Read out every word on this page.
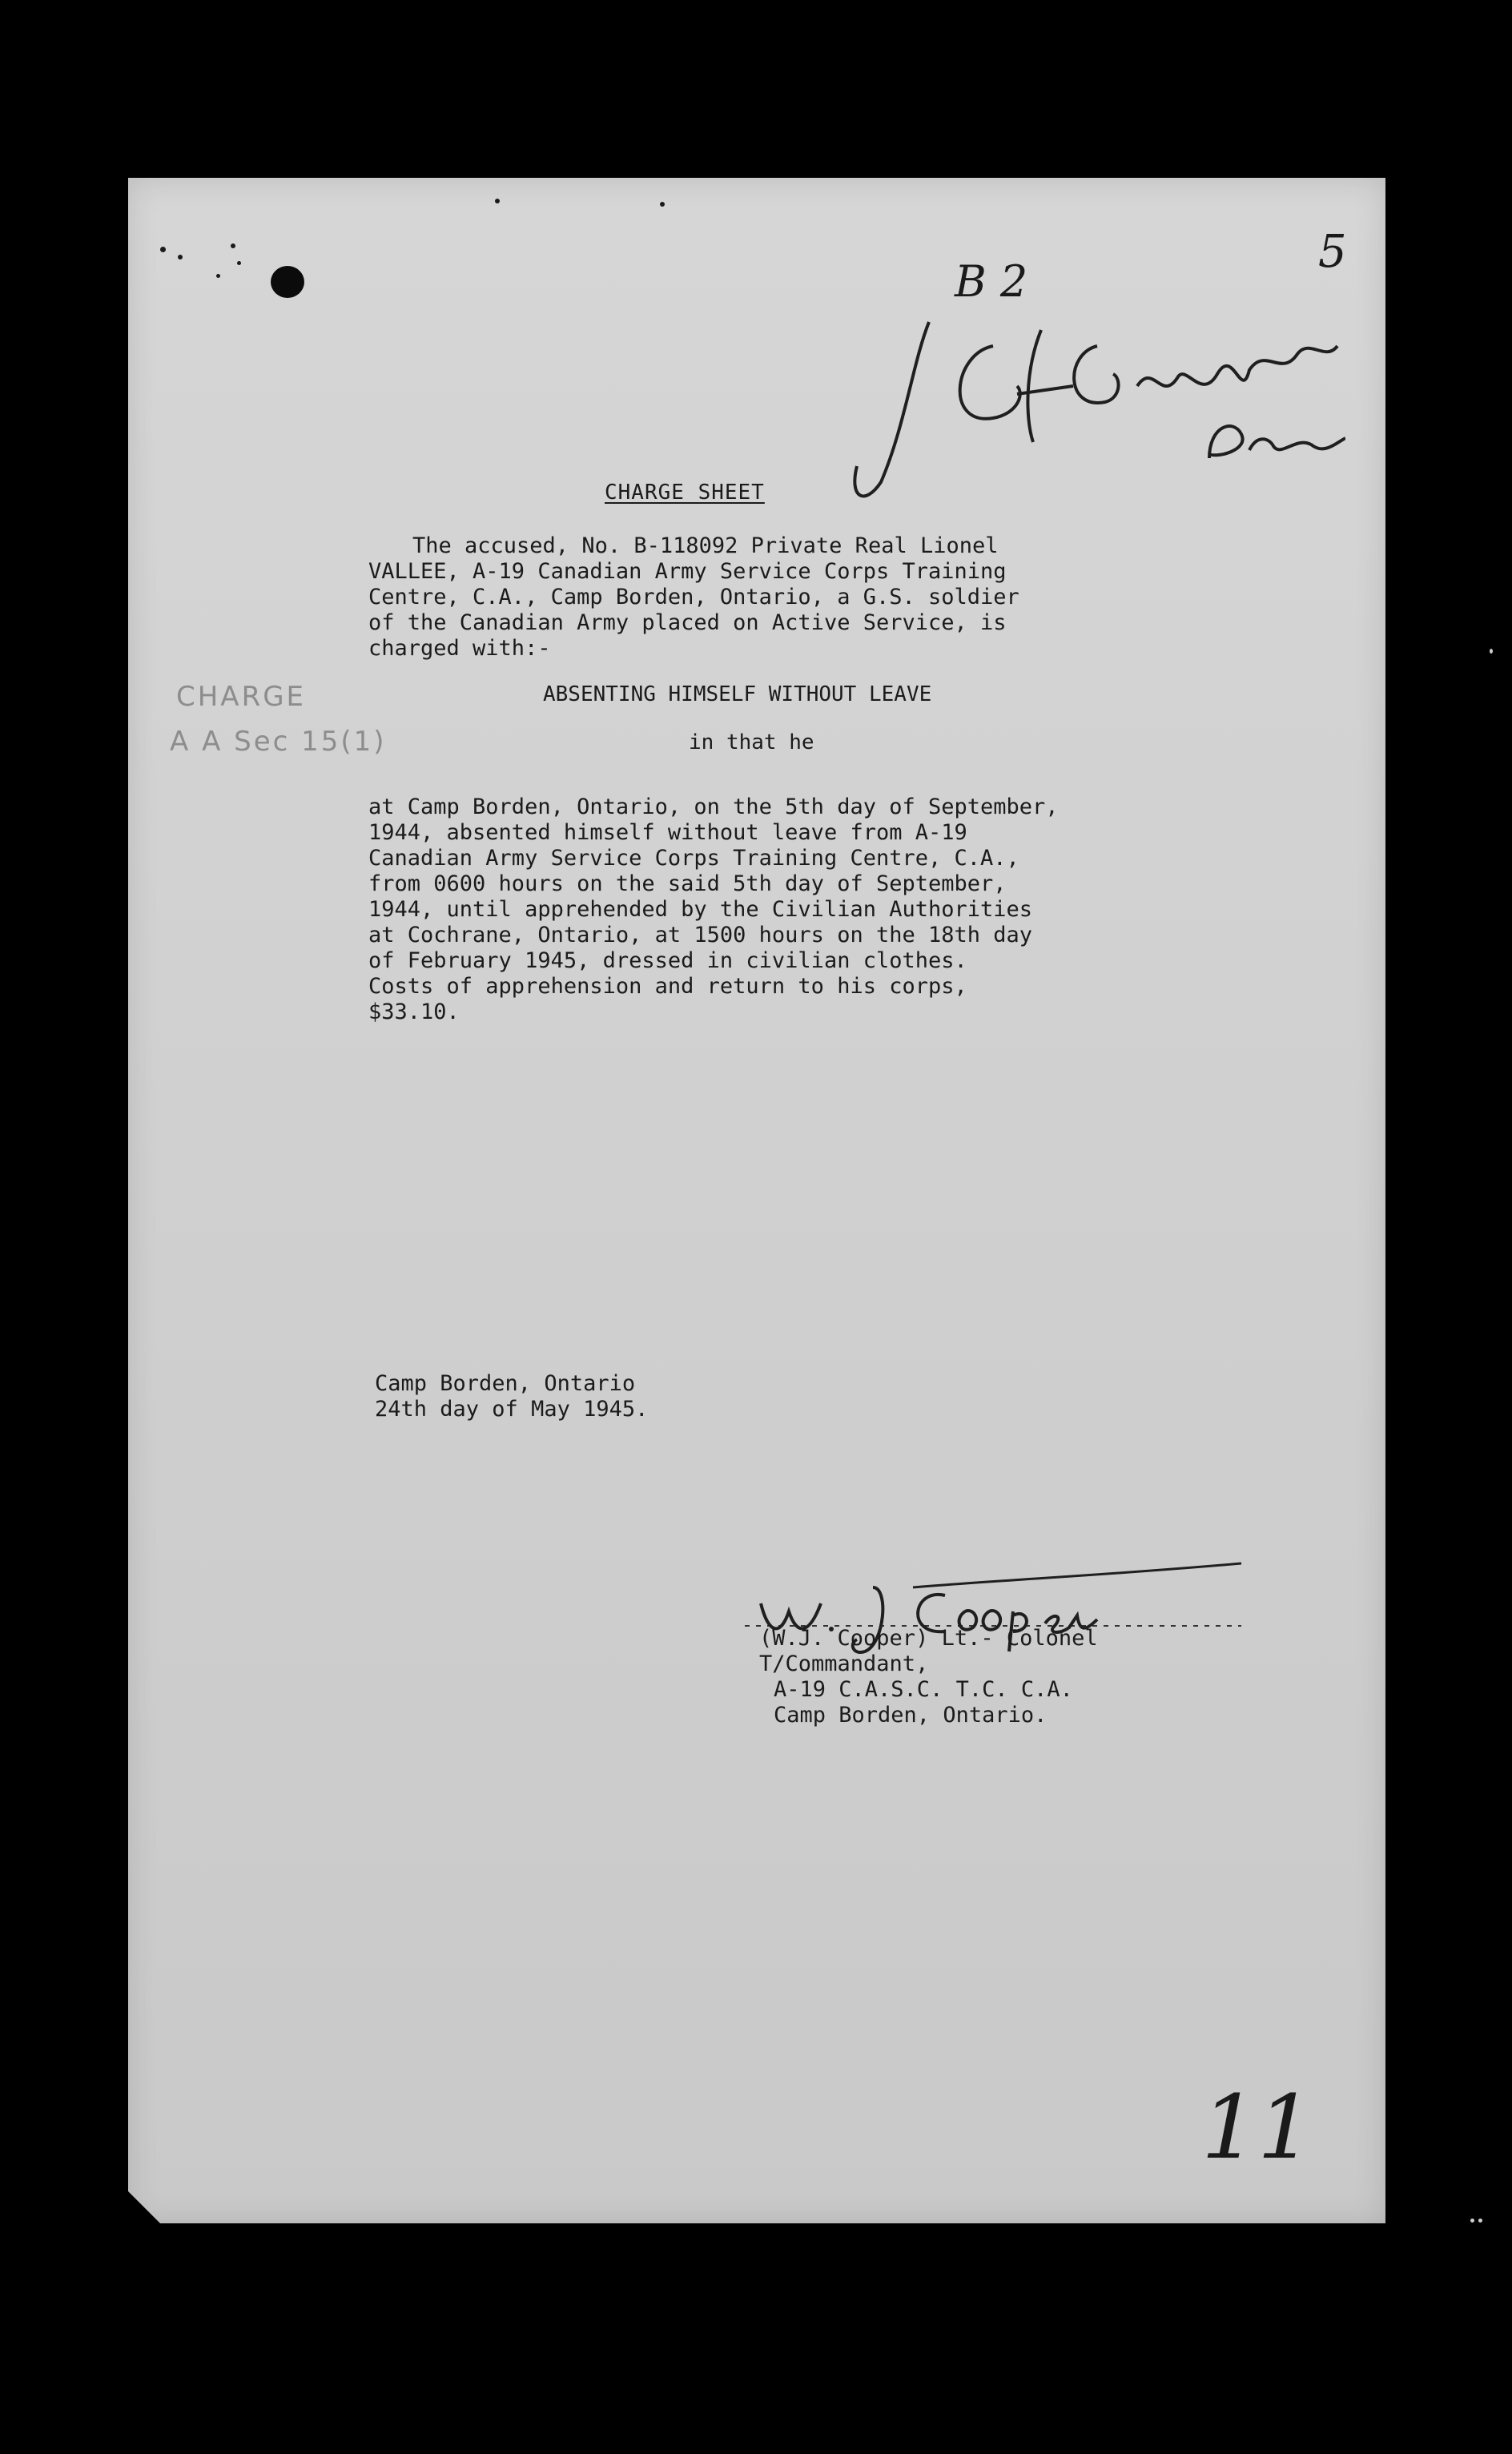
B 2
5
CHARGE
A A Sec 15(1)
CHARGE SHEET
The accused, No. B-118092 Private Real Lionel
VALLEE, A-19 Canadian Army Service Corps Training
Centre, C.A., Camp Borden, Ontario, a G.S. soldier
of the Canadian Army placed on Active Service, is
charged with:-
ABSENTING HIMSELF WITHOUT LEAVE
in that he
at Camp Borden, Ontario, on the 5th day of September,
1944, absented himself without leave from A-19
Canadian Army Service Corps Training Centre, C.A.,
from 0600 hours on the said 5th day of September,
1944, until apprehended by the Civilian Authorities
at Cochrane, Ontario, at 1500 hours on the 18th day
of February 1945, dressed in civilian clothes.
Costs of apprehension and return to his corps,
$33.10.
Camp Borden, Ontario
24th day of May 1945.
(W.J. Cooper) Lt.- Colonel
T/Commandant,
A-19 C.A.S.C. T.C. C.A.
Camp Borden, Ontario.
11
